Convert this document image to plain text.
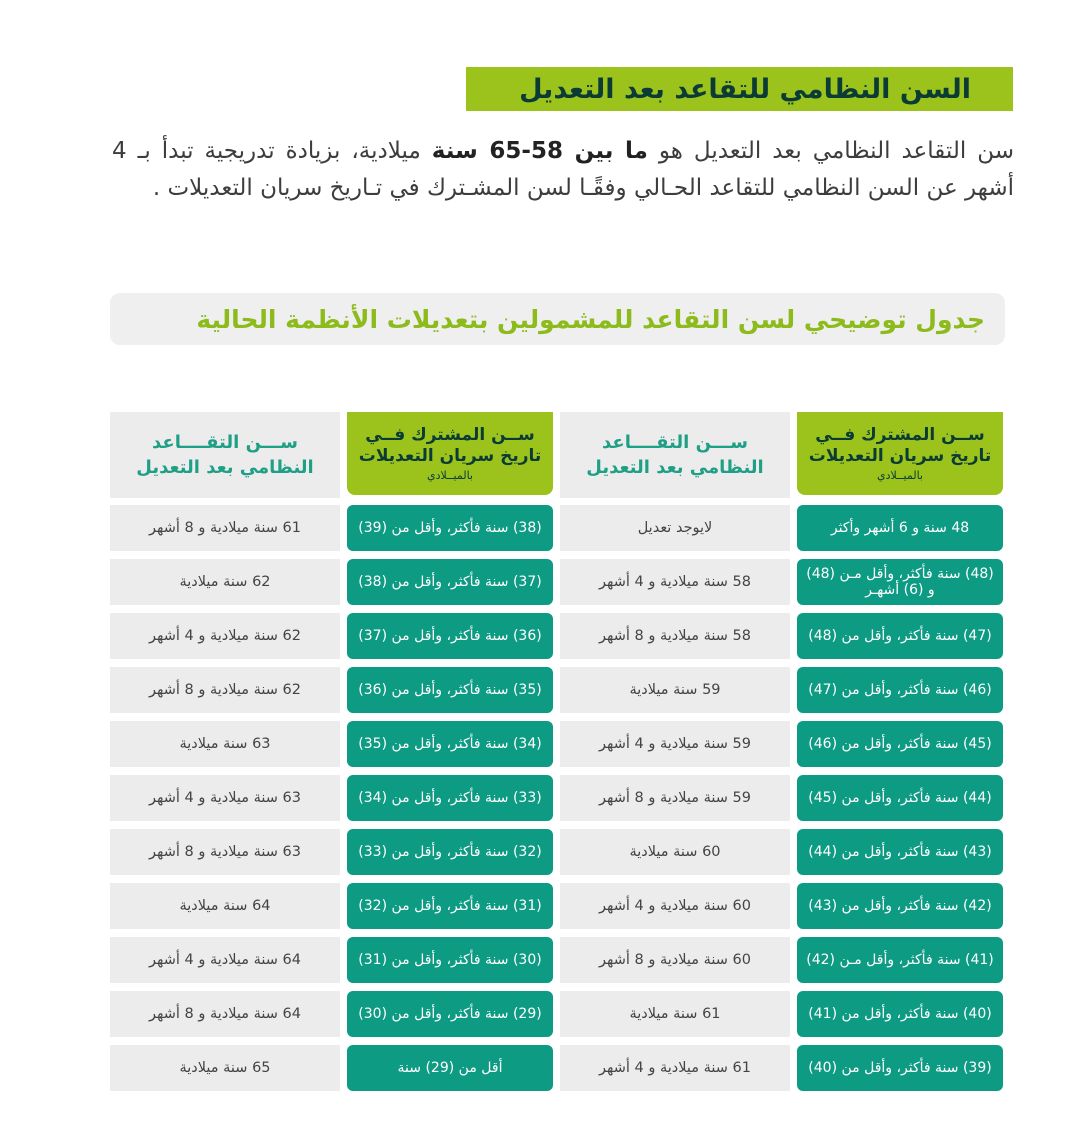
السن النظامي للتقاعد بعد التعديل
سن التقاعد النظامي بعد التعديل هو ما بين 58-65 سنة ميلادية، بزيادة تدريجية تبدأ بـ 4 أشهر عن السن النظامي للتقاعد الحـالي وفقًـا لسن المشـترك في تـاريخ سريان التعديلات .
جدول توضيحي لسن التقاعد للمشمولين بتعديلات الأنظمة الحالية
ســن المشترك فــي
تاريخ سريان التعديلات
بالميــلادي
ســـن التقــــاعد
النظامي بعد التعديل
ســن المشترك فــي
تاريخ سريان التعديلات
بالميــلادي
ســـن التقــــاعد
النظامي بعد التعديل
48 سنة و 6 أشهر وأكثر
لايوجد تعديل
(48) سنة فأكثر، وأقل مـن (48) و (6) أشهـر
58 سنة ميلادية و 4 أشهر
(47) سنة فأكثر، وأقل من (48)
58 سنة ميلادية و 8 أشهر
(46) سنة فأكثر، وأقل من (47)
59 سنة ميلادية
(45) سنة فأكثر، وأقل من (46)
59 سنة ميلادية و 4 أشهر
(44) سنة فأكثر، وأقل من (45)
59 سنة ميلادية و 8 أشهر
(43) سنة فأكثر، وأقل من (44)
60 سنة ميلادية
(42) سنة فأكثر، وأقل من (43)
60 سنة ميلادية و 4 أشهر
(41) سنة فأكثر، وأقل مـن (42)
60 سنة ميلادية و 8 أشهر
(40) سنة فأكثر، وأقل من (41)
61 سنة ميلادية
(39) سنة فأكثر، وأقل من (40)
61 سنة ميلادية و 4 أشهر
(38) سنة فأكثر، وأقل من (39)
61 سنة ميلادية و 8 أشهر
(37) سنة فأكثر، وأقل من (38)
62 سنة ميلادية
(36) سنة فأكثر، وأقل من (37)
62 سنة ميلادية و 4 أشهر
(35) سنة فأكثر، وأقل من (36)
62 سنة ميلادية و 8 أشهر
(34) سنة فأكثر، وأقل من (35)
63 سنة ميلادية
(33) سنة فأكثر، وأقل من (34)
63 سنة ميلادية و 4 أشهر
(32) سنة فأكثر، وأقل من (33)
63 سنة ميلادية و 8 أشهر
(31) سنة فأكثر، وأقل من (32)
64 سنة ميلادية
(30) سنة فأكثر، وأقل من (31)
64 سنة ميلادية و 4 أشهر
(29) سنة فأكثر، وأقل من (30)
64 سنة ميلادية و 8 أشهر
أقل من (29) سنة
65 سنة ميلادية
